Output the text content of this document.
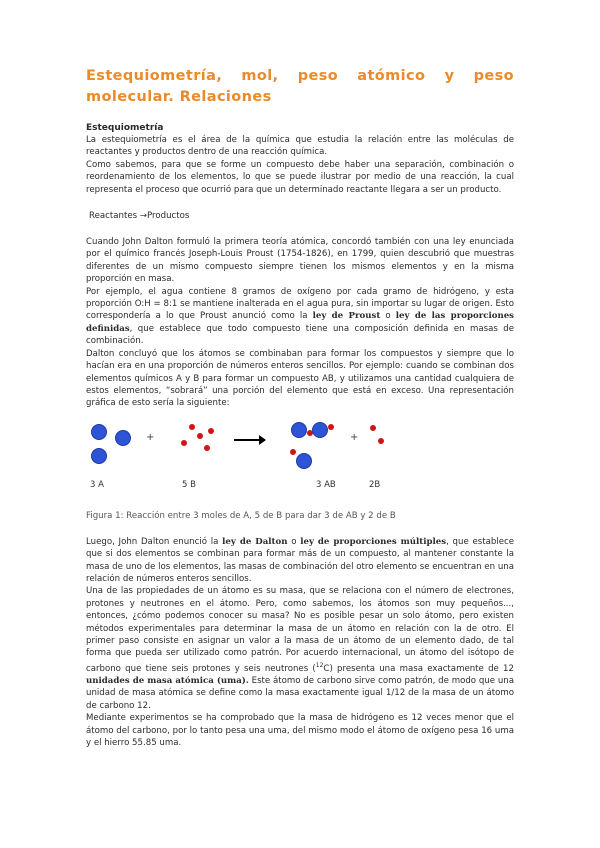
Estequiometría, mol, peso atómico y peso molecular. Relaciones
Estequiometría

La estequiometría es el área de la química que estudia la relación entre las moléculas de reactantes y productos dentro de una reacción química.

Como sabemos, para que se forme un compuesto debe haber una separación, combinación o reordenamiento de los elementos, lo que se puede ilustrar por medio de una reacción, la cual representa el proceso que ocurrió para que un determinado reactante llegara a ser un producto.

Reactantes →Productos

Cuando John Dalton formuló la primera teoría atómica, concordó también con una ley enunciada por el químico francés Joseph-Louis Proust (1754-1826), en 1799, quien descubrió que muestras diferentes de un mismo compuesto siempre tienen los mismos elementos y en la misma proporción en masa.

Por ejemplo, el agua contiene 8 gramos de oxígeno por cada gramo de hidrógeno, y esta proporción O:H = 8:1 se mantiene inalterada en el agua pura, sin importar su lugar de origen. Esto correspondería a lo que Proust anunció como la ley de Proust o ley de las proporciones definidas, que establece que todo compuesto tiene una composición definida en masas de combinación.

Dalton concluyó que los átomos se combinaban para formar los compuestos y siempre que lo hacían era en una proporción de números enteros sencillos. Por ejemplo: cuando se combinan dos elementos químicos A y B para formar un compuesto AB, y utilizamos una cantidad cualquiera de estos elementos, “sobrará” una porción del elemento que está en exceso. Una representación gráfica de esto sería la siguiente:

+	+
3 A	5 B	3 AB	2B
Figura 1: Reacción entre 3 moles de A, 5 de B para dar 3 de AB y 2 de B

Luego, John Dalton enunció la ley de Dalton o ley de proporciones múltiples, que establece que si dos elementos se combinan para formar más de un compuesto, al mantener constante la masa de uno de los elementos, las masas de combinación del otro elemento se encuentran en una relación de números enteros sencillos.

Una de las propiedades de un átomo es su masa, que se relaciona con el número de electrones, protones y neutrones en el átomo. Pero, como sabemos, los átomos son muy pequeños..., entonces, ¿cómo podemos conocer su masa? No es posible pesar un solo átomo, pero existen métodos experimentales para determinar la masa de un átomo en relación con la de otro. El primer paso consiste en asignar un valor a la masa de un átomo de un elemento dado, de tal forma que pueda ser utilizado como patrón. Por acuerdo internacional, un átomo del isótopo de carbono que tiene seis protones y seis neutrones ($^{12}$C) presenta una masa exactamente de 12 unidades de masa atómica (uma). Este átomo de carbono sirve como patrón, de modo que una unidad de masa atómica se define como la masa exactamente igual 1/12 de la masa de un átomo de carbono 12.

Mediante experimentos se ha comprobado que la masa de hidrógeno es 12 veces menor que el átomo del carbono, por lo tanto pesa una uma, del mismo modo el átomo de oxígeno pesa 16 uma y el hierro 55.85 uma.
